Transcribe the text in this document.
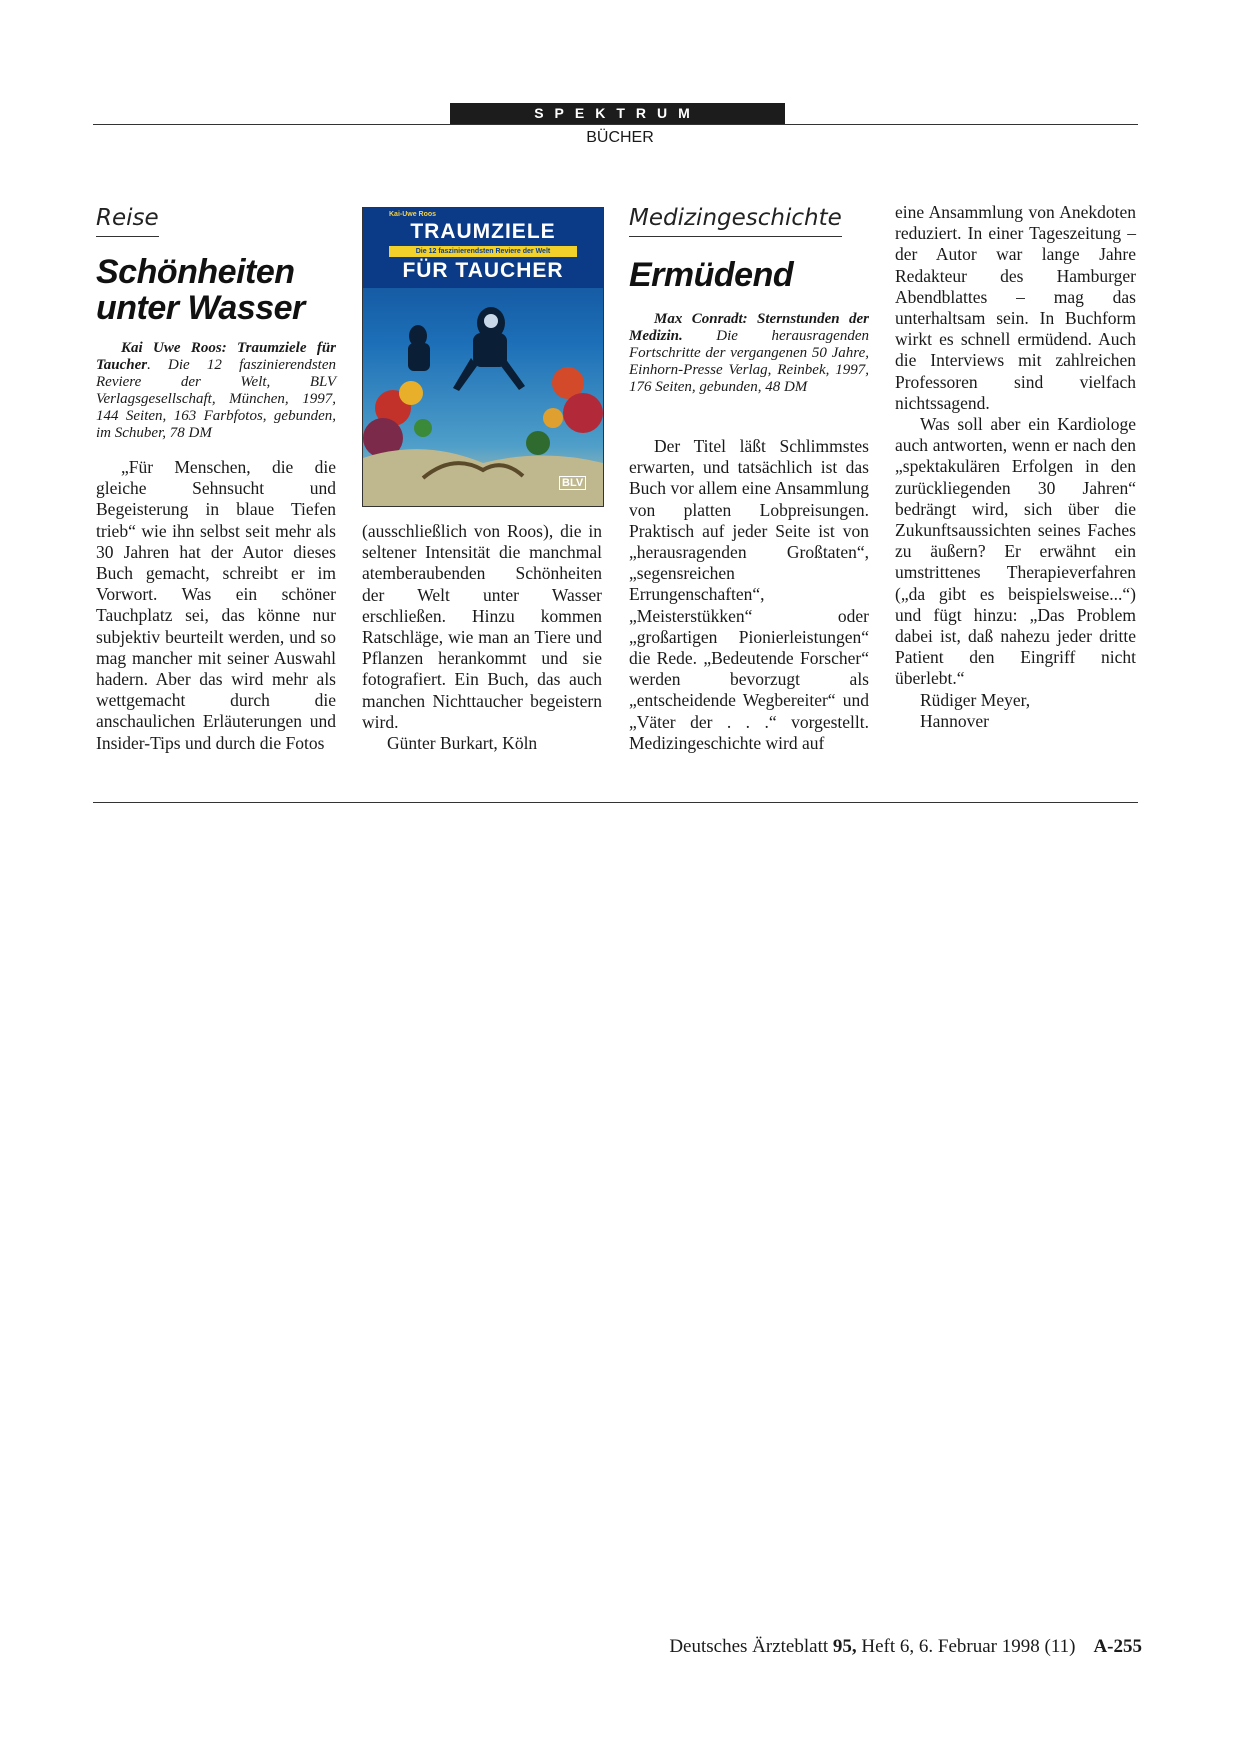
SPEKTRUM
BÜCHER
Reise
Schönheiten
unter Wasser
Kai Uwe Roos: Traumziele für Taucher. Die 12 faszinierendsten Reviere der Welt, BLV Verlagsgesellschaft, München, 1997, 144 Seiten, 163 Farbfotos, gebunden, im Schuber, 78 DM

„Für Menschen, die die gleiche Sehnsucht und Begeisterung in blaue Tiefen trieb“ wie ihn selbst seit mehr als 30 Jahren hat der Autor dieses Buch gemacht, schreibt er im Vorwort. Was ein schöner Tauchplatz sei, das könne nur subjektiv beurteilt werden, und so mag mancher mit seiner Auswahl hadern. Aber das wird mehr als wettgemacht durch die anschaulichen Erläuterungen und Insider-Tips und durch die Fotos

Kai-Uwe Roos
TRAUMZIELE
Die 12 faszinierendsten Reviere der Welt
FÜR TAUCHER
BLV

(ausschließlich von Roos), die in seltener Intensität die manchmal atemberaubenden Schönheiten der Welt unter Wasser erschließen. Hinzu kommen Ratschläge, wie man an Tiere und Pflanzen herankommt und sie fotografiert. Ein Buch, das auch manchen Nichttaucher begeistern wird.

Günter Burkart, Köln

Medizingeschichte
Ermüdend
Max Conradt: Sternstunden der Medizin. Die herausragenden Fortschritte der vergangenen 50 Jahre, Einhorn-Presse Verlag, Reinbek, 1997, 176 Seiten, gebunden, 48 DM

Der Titel läßt Schlimmstes erwarten, und tatsächlich ist das Buch vor allem eine Ansammlung von platten Lobpreisungen. Praktisch auf jeder Seite ist von „herausragenden Großtaten“, „segensreichen Errungenschaften“, „Meisterstükken“ oder „großartigen Pionierleistungen“ die Rede. „Bedeutende Forscher“ werden bevorzugt als „entscheidende Wegbereiter“ und „Väter der . . .“ vorgestellt. Medizingeschichte wird auf

eine Ansammlung von Anekdoten reduziert. In einer Tageszeitung – der Autor war lange Jahre Redakteur des Hamburger Abendblattes – mag das unterhaltsam sein. In Buchform wirkt es schnell ermüdend. Auch die Interviews mit zahlreichen Professoren sind vielfach nichtssagend.

Was soll aber ein Kardiologe auch antworten, wenn er nach den „spektakulären Erfolgen in den zurückliegenden 30 Jahren“ bedrängt wird, sich über die Zukunftsaussichten seines Faches zu äußern? Er erwähnt ein umstrittenes Therapieverfahren („da gibt es beispielsweise...“) und fügt hinzu: „Das Problem dabei ist, daß nahezu jeder dritte Patient den Eingriff nicht überlebt.“

Rüdiger Meyer,

Hannover

Deutsches Ärzteblatt 95, Heft 6, 6. Februar 1998 (11) A-255
